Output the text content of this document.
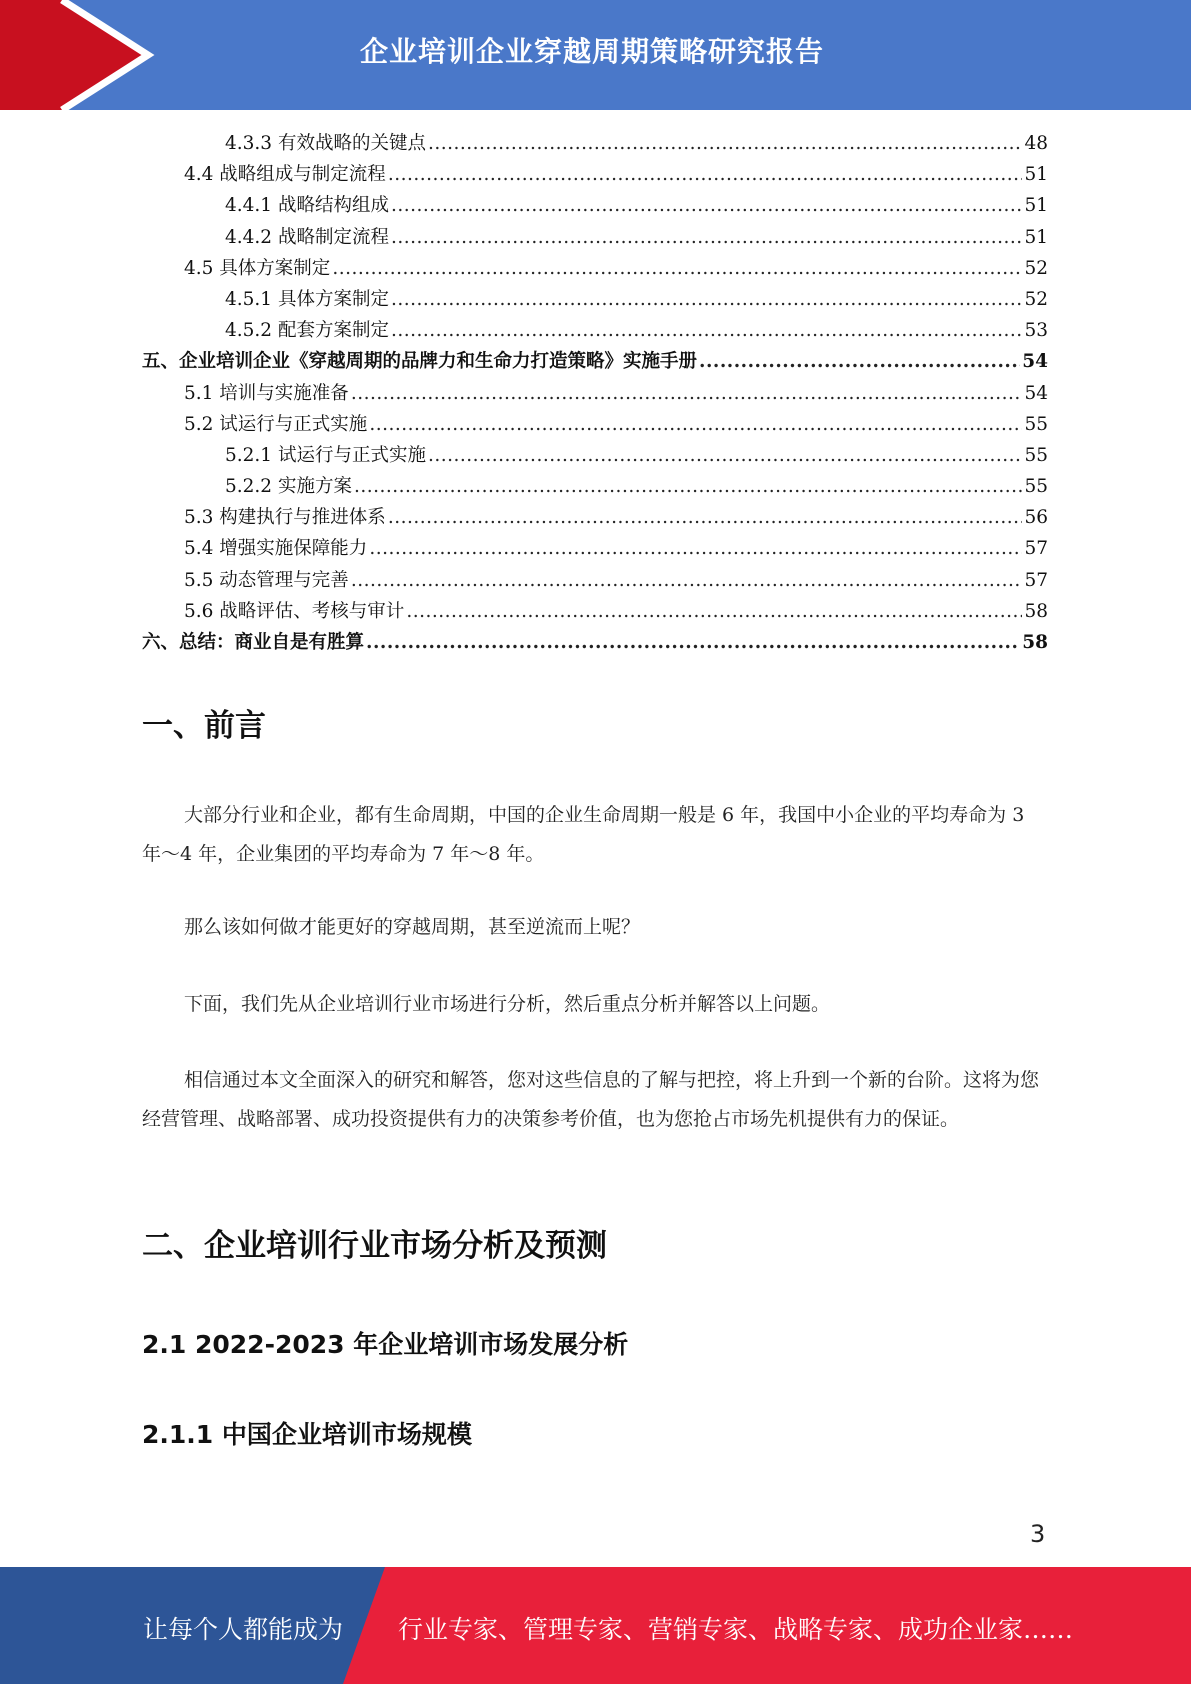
企业培训企业穿越周期策略研究报告
4.3.3 有效战略的关键点 .....	48
4.4 战略组成与制定流程 .....	51
4.4.1 战略结构组成 .....	51
4.4.2 战略制定流程 .....	51
4.5 具体方案制定 .....	52
4.5.1 具体方案制定 .....	52
4.5.2 配套方案制定 .....	53
五、企业培训企业《穿越周期的品牌力和生命力打造策略》实施手册 .....	54
5.1 培训与实施准备 .....	54
5.2 试运行与正式实施 .....	55
5.2.1 试运行与正式实施 .....	55
5.2.2 实施方案 .....	55
5.3 构建执行与推进体系 .....	56
5.4 增强实施保障能力 .....	57
5.5 动态管理与完善 .....	57
5.6 战略评估、考核与审计 .....	58
六、总结：商业自是有胜算 .....	58
一、前言

大部分行业和企业，都有生命周期，中国的企业生命周期一般是 6 年，我国中小企业的平均寿命为 3 年～4 年，企业集团的平均寿命为 7 年～8 年。

那么该如何做才能更好的穿越周期，甚至逆流而上呢？

下面，我们先从企业培训行业市场进行分析，然后重点分析并解答以上问题。

相信通过本文全面深入的研究和解答，您对这些信息的了解与把控，将上升到一个新的台阶。这将为您经营管理、战略部署、成功投资提供有力的决策参考价值，也为您抢占市场先机提供有力的保证。

二、企业培训行业市场分析及预测
2.1 2022-2023 年企业培训市场发展分析
2.1.1 中国企业培训市场规模
3
让每个人都能成为 行业专家、管理专家、营销专家、战略专家、成功企业家……
